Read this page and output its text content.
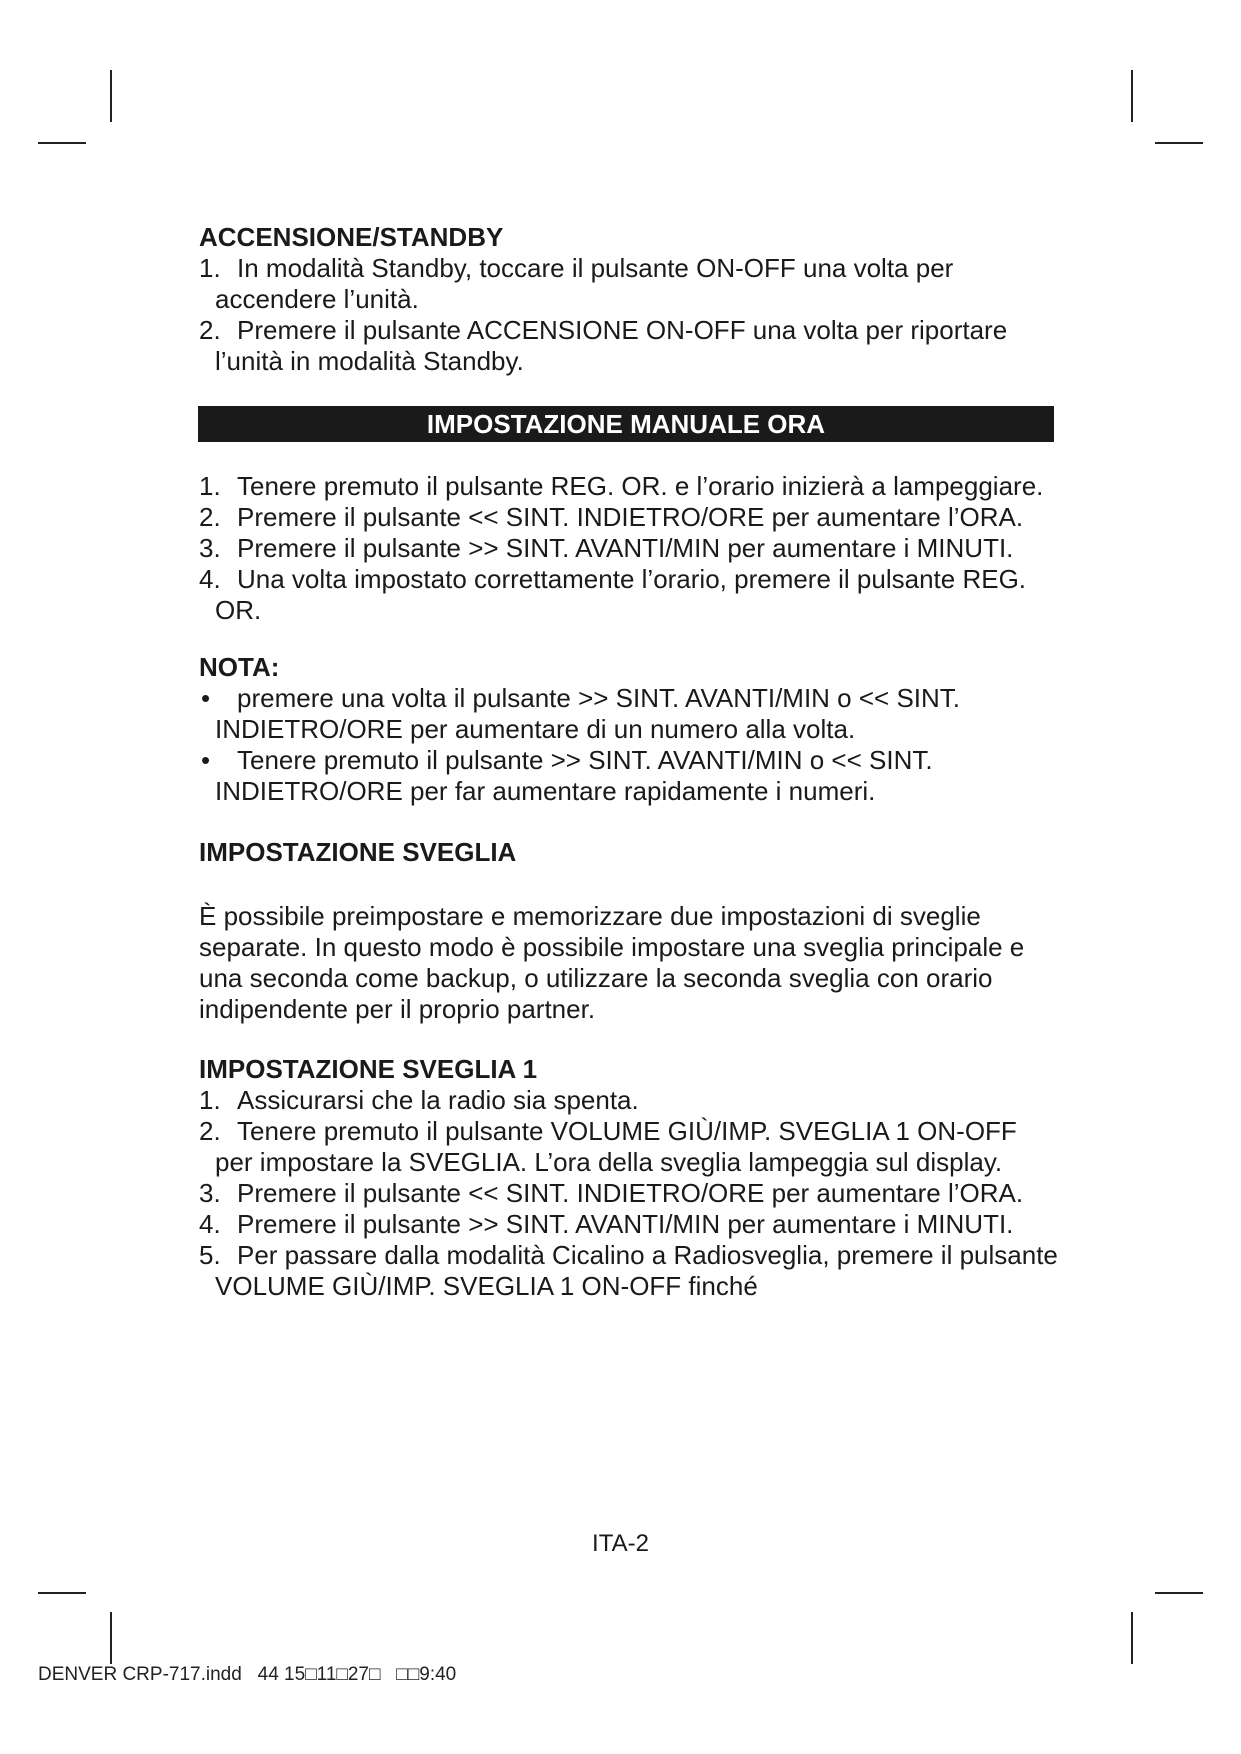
ACCENSIONE/STANDBY
1. In modalità Standby, toccare il pulsante ON-OFF una volta per accendere l’unità.
2. Premere il pulsante ACCENSIONE ON-OFF una volta per riportare l’unità in modalità Standby.
IMPOSTAZIONE MANUALE ORA
1. Tenere premuto il pulsante REG. OR. e l’orario inizierà a lampeggiare.
2. Premere il pulsante << SINT. INDIETRO/ORE per aumentare l’ORA.
3. Premere il pulsante >> SINT. AVANTI/MIN per aumentare i MINUTI.
4. Una volta impostato correttamente l’orario, premere il pulsante REG. OR.
NOTA:
•	premere una volta il pulsante >> SINT. AVANTI/MIN o << SINT. INDIETRO/ORE per aumentare di un numero alla volta.
•	Tenere premuto il pulsante >> SINT. AVANTI/MIN o << SINT. INDIETRO/ORE per far aumentare rapidamente i numeri.
IMPOSTAZIONE SVEGLIA

È possibile preimpostare e memorizzare due impostazioni di sveglie separate. In questo modo è possibile impostare una sveglia principale e una seconda come backup, o utilizzare la seconda sveglia con orario indipendente per il proprio partner.

IMPOSTAZIONE SVEGLIA 1
1. Assicurarsi che la radio sia spenta.
2. Tenere premuto il pulsante VOLUME GIÙ/IMP. SVEGLIA 1 ON-OFF per impostare la SVEGLIA. L’ora della sveglia lampeggia sul display.
3. Premere il pulsante << SINT. INDIETRO/ORE per aumentare l’ORA.
4. Premere il pulsante >> SINT. AVANTI/MIN per aumentare i MINUTI.
5. Per passare dalla modalità Cicalino a Radiosveglia, premere il pulsante VOLUME GIÙ/IMP. SVEGLIA 1 ON-OFF finché
ITA-2
DENVER CRP-717.indd   44 15□11□27□   □□9:40
